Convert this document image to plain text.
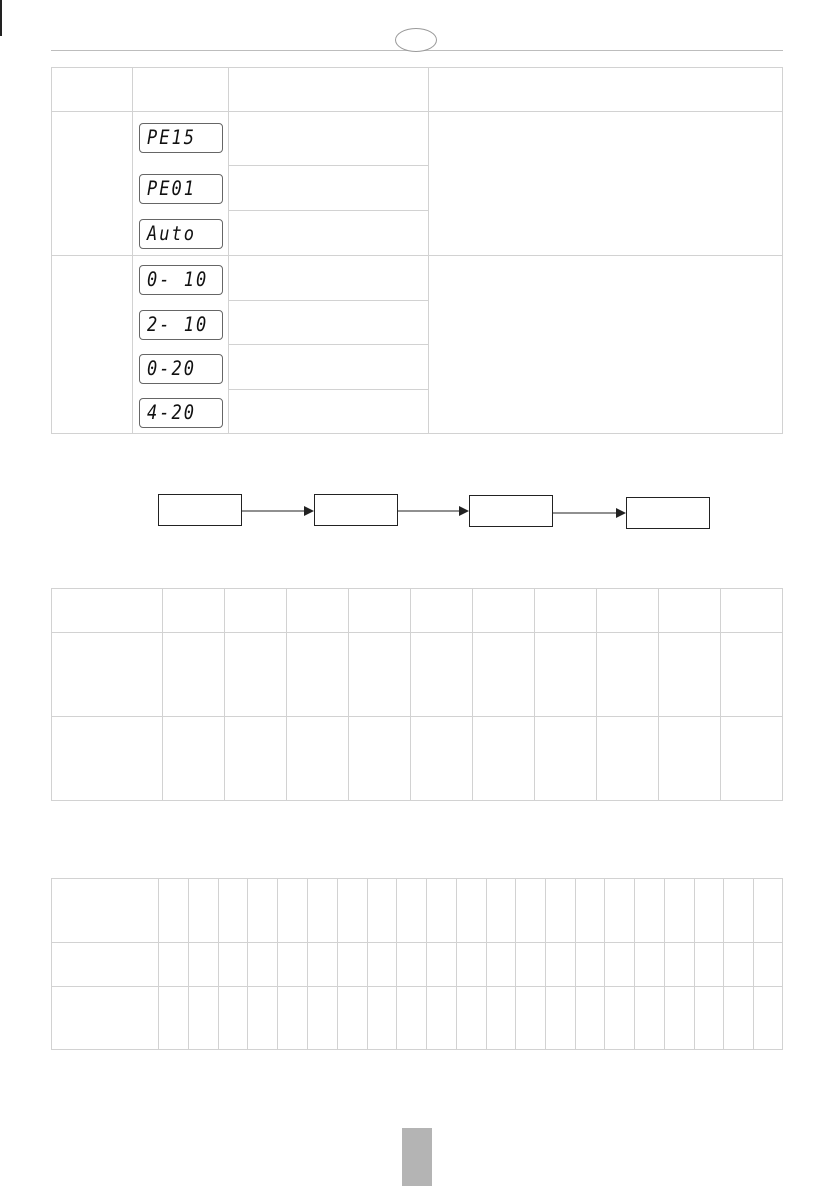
PE15
PE01
Auto
0- 10
2- 10
0-20
4-20
